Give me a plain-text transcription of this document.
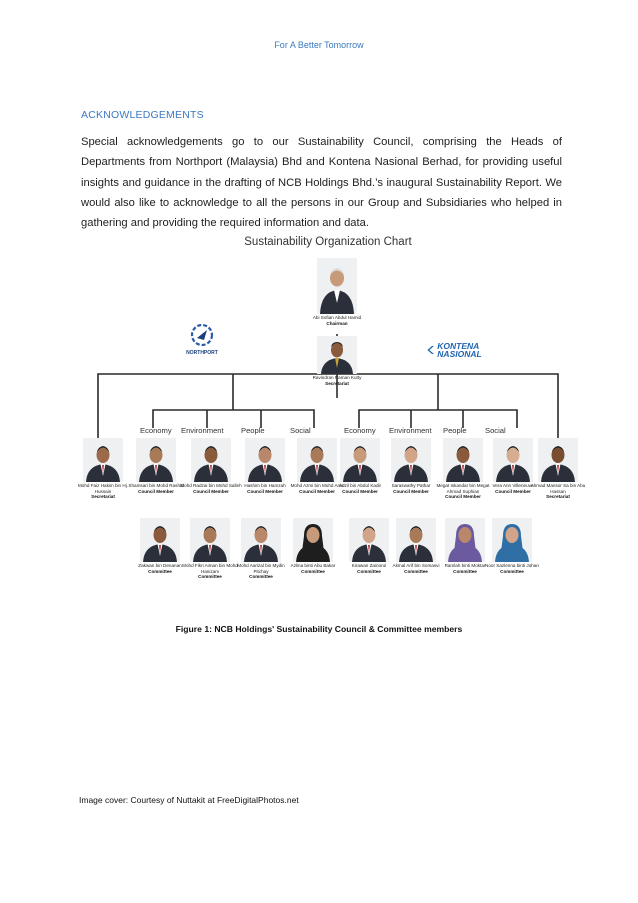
For A Better Tomorrow
ACKNOWLEDGEMENTS
Special acknowledgements go to our Sustainability Council, comprising the Heads of Departments from Northport (Malaysia) Bhd and Kontena Nasional Berhad, for providing useful insights and guidance in the drafting of NCB Holdings Bhd.’s inaugural Sustainability Report. We would also like to acknowledge to all the persons in our Group and Subsidiaries who helped in gathering and providing the required information and data.
Sustainability Organization Chart
NORTHPORT
KONTENA NASIONAL
Abi Sofian Abdul Hamid
Chairman
Ravindran Raman Kutty
Secretariat
Economy Environment People	Social	Economy Environment People Social
Mohd Faiz Hakim bin Hj. Hussain
Secretariat
Shamsari bin Mohd Rashid
Council Member
Mohd Radzai bin Mohd Salleh
Council Member
Hashim bin Hamzah
Council Member
Mohd Azmi bin Mohd Anis
Council Member
Adzil bin Abdul Kadir
Council Member
Saraswathy Pathar
Council Member
Megat Iskandar bin Megat Ahmad Suphian
Council Member
Vera Ann Villeneuve
Council Member
Ahmad Mansor Sa bin Abu Hassan
Secretariat
Zakwan bin Denanan
Committee
Mohd Fikri Aiman bin Mohd Hanizam
Committee
Mohd Aarizal bin Mydin Pitchay
Committee
Azlina binti Abu Bakar
Committee
Kirawan Zainorul
Committee
Akmal Arif bin Somasvi
Committee
Ramlah binti Moktar
Committee
Noor Sazlenna binti Johan
Committee
Figure 1: NCB Holdings' Sustainability Council & Committee members
Image cover: Courtesy of Nuttakit at FreeDigitalPhotos.net
